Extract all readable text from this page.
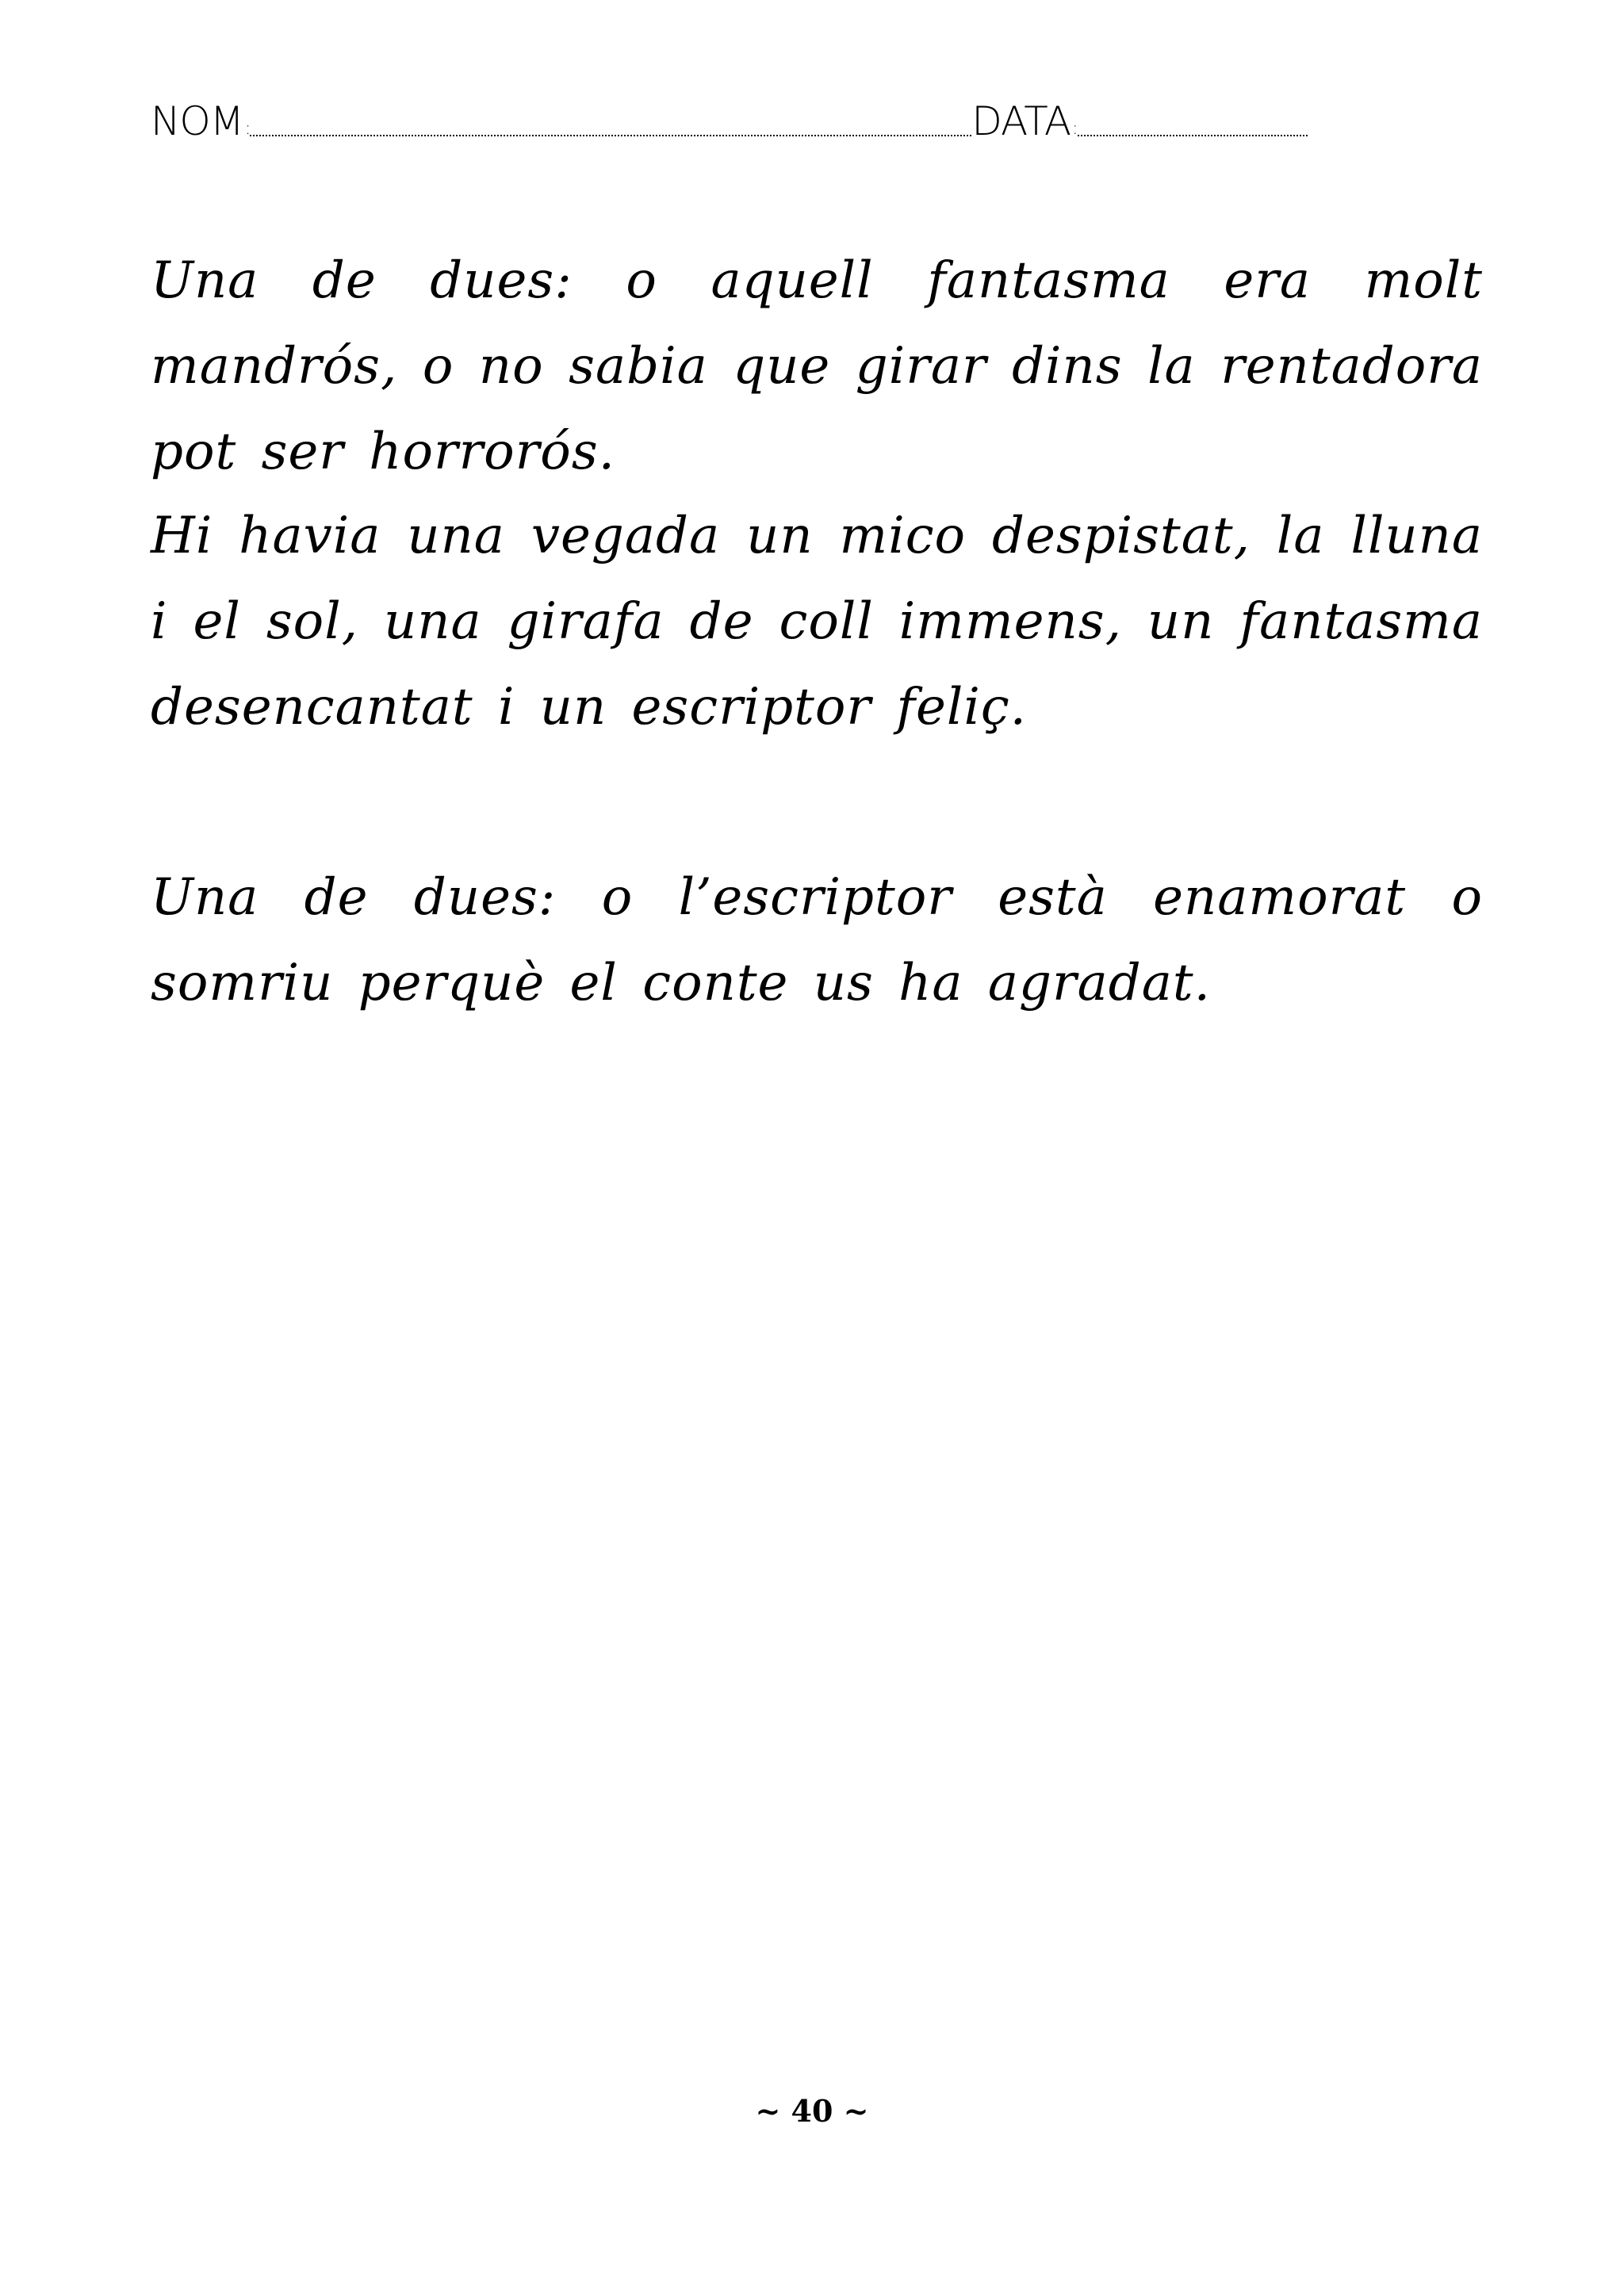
NOM :	DATA :

Una de dues: o aquell fantasma era molt mandrós, o no sabia que girar dins la rentadora pot ser horrorós.

Hi havia una vegada un mico despistat, la lluna i el sol, una girafa de coll immens, un fantasma desencantat i un escriptor feliç.

Una de dues: o l’escriptor està enamorat o somriu perquè el conte us ha agradat.

~ 40 ~
